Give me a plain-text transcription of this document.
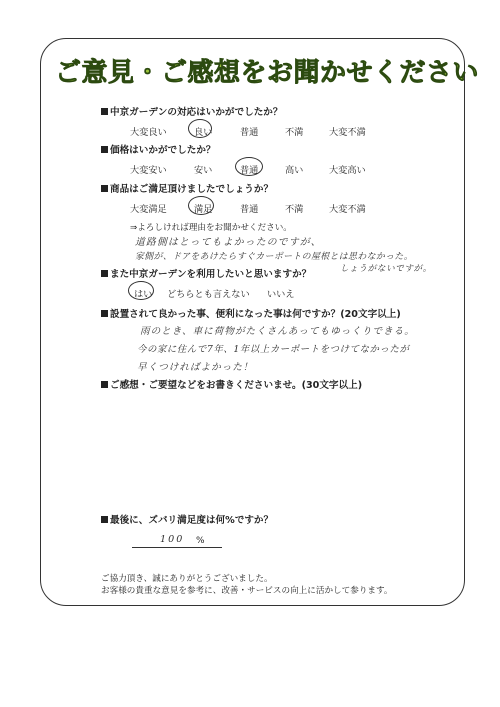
ご意見・ご感想をお聞かせください
中京ガーデンの対応はいかがでしたか？
大変良い	良い	普通	不満	大変不満
価格はいかがでしたか？
大変安い	安い	普通	高い	大変高い
商品はご満足頂けましたでしょうか？
大変満足	満足	普通	不満	大変不満
⇒よろしければ理由をお聞かせください。
道路側はとってもよかったのですが、
家側が、ドアをあけたらすぐカーポートの屋根とは思わなかった。
しょうがないですが。
また中京ガーデンを利用したいと思いますか？
はい どちらとも言えない いいえ
設置されて良かった事、便利になった事は何ですか？(20文字以上)
雨のとき、車に荷物がたくさんあってもゆっくりできる。
今の家に住んで7年、1年以上カーポートをつけてなかったが
早くつければよかった！
ご感想・ご要望などをお書きくださいませ。(30文字以上)
最後に、ズバリ満足度は何%ですか？
100 %
ご協力頂き、誠にありがとうございました。
お客様の貴重な意見を参考に、改善・サービスの向上に活かして参ります。
